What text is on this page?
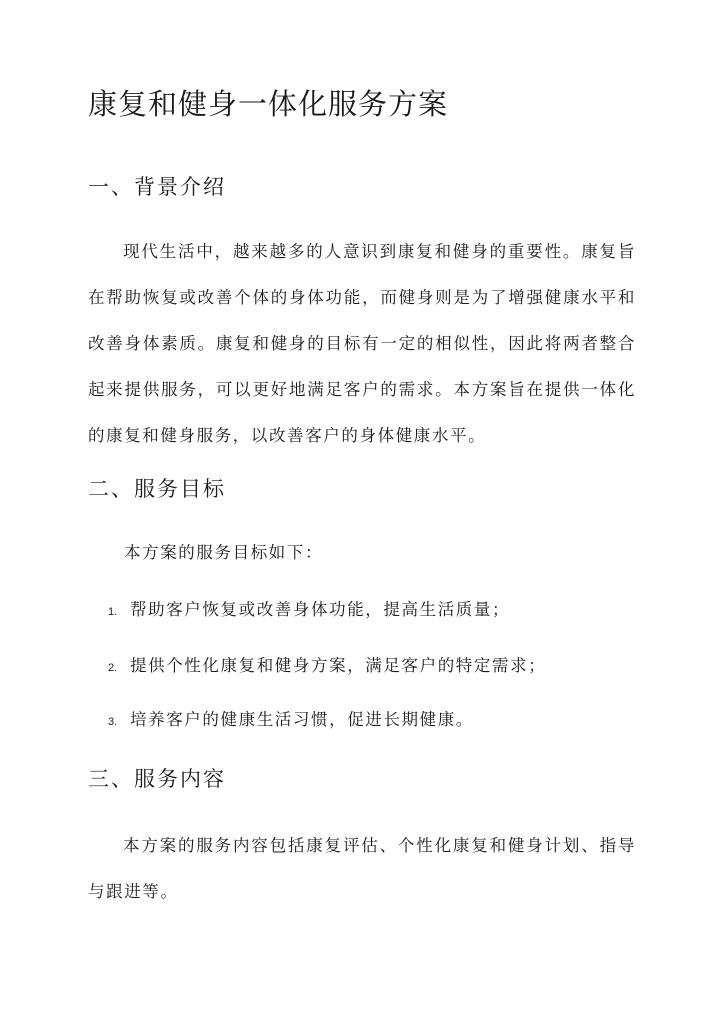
康复和健身一体化服务方案
一、背景介绍

现代生活中，越来越多的人意识到康复和健身的重要性。康复旨在帮助恢复或改善个体的身体功能，而健身则是为了增强健康水平和改善身体素质。康复和健身的目标有一定的相似性，因此将两者整合起来提供服务，可以更好地满足客户的需求。本方案旨在提供一体化的康复和健身服务，以改善客户的身体健康水平。

二、服务目标

本方案的服务目标如下：

1. 帮助客户恢复或改善身体功能，提高生活质量；
2. 提供个性化康复和健身方案，满足客户的特定需求；
3. 培养客户的健康生活习惯，促进长期健康。
三、服务内容

本方案的服务内容包括康复评估、个性化康复和健身计划、指导与跟进等。
